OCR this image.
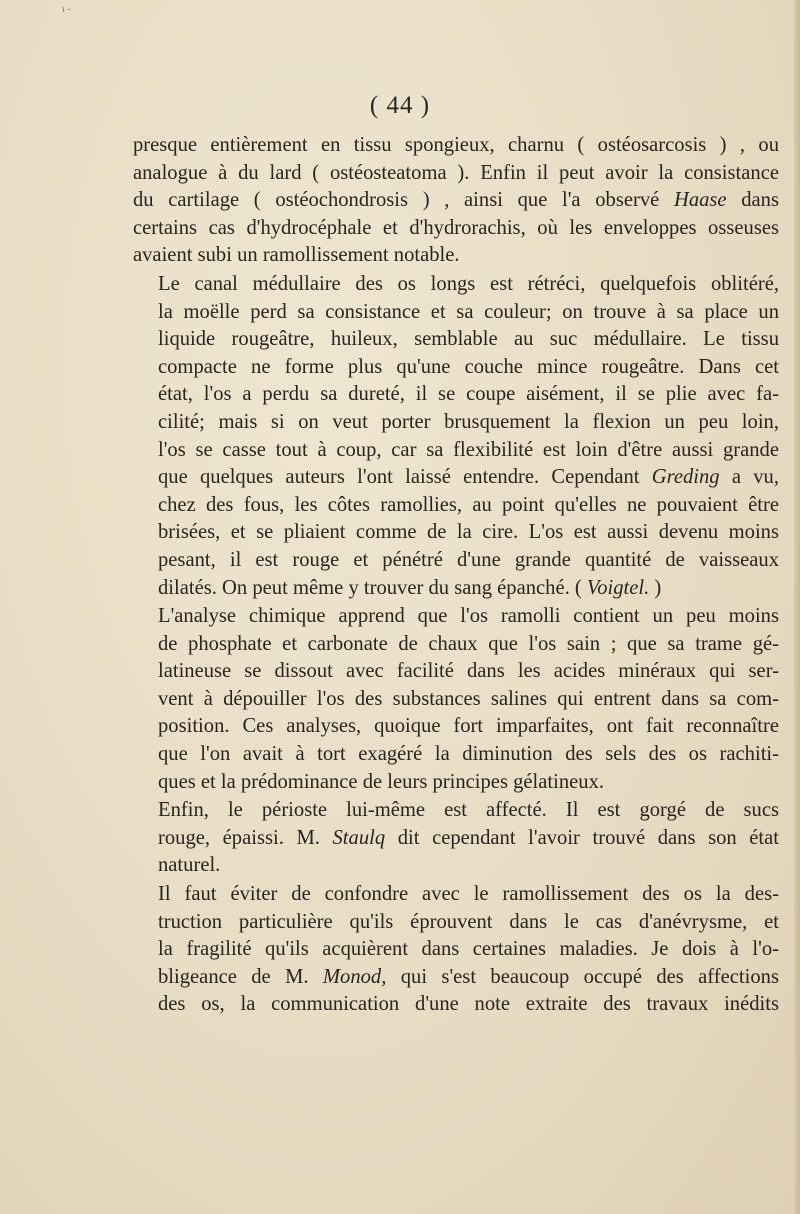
ı -
( 44 )

presque entièrement en tissu spongieux, charnu ( ostéosarcosis ) , ou
analogue à du lard ( ostéosteatoma ). Enfin il peut avoir la consistance
du cartilage ( ostéochondrosis ) , ainsi que l'a observé Haase dans
certains cas d'hydrocéphale et d'hydrorachis, où les enveloppes osseuses
avaient subi un ramollissement notable.

Le canal médullaire des os longs est rétréci, quelquefois oblitéré,
la moëlle perd sa consistance et sa couleur; on trouve à sa place un
liquide rougeâtre, huileux, semblable au suc médullaire. Le tissu
compacte ne forme plus qu'une couche mince rougeâtre. Dans cet
état, l'os a perdu sa dureté, il se coupe aisément, il se plie avec fa-
cilité; mais si on veut porter brusquement la flexion un peu loin,
l'os se casse tout à coup, car sa flexibilité est loin d'être aussi grande
que quelques auteurs l'ont laissé entendre. Cependant Greding a vu,
chez des fous, les côtes ramollies, au point qu'elles ne pouvaient être
brisées, et se pliaient comme de la cire. L'os est aussi devenu moins
pesant, il est rouge et pénétré d'une grande quantité de vaisseaux
dilatés. On peut même y trouver du sang épanché. ( Voigtel. )

L'analyse chimique apprend que l'os ramolli contient un peu moins
de phosphate et carbonate de chaux que l'os sain ; que sa trame gé-
latineuse se dissout avec facilité dans les acides minéraux qui ser-
vent à dépouiller l'os des substances salines qui entrent dans sa com-
position. Ces analyses, quoique fort imparfaites, ont fait reconnaître
que l'on avait à tort exagéré la diminution des sels des os rachiti-
ques et la prédominance de leurs principes gélatineux.

Enfin, le périoste lui-même est affecté. Il est gorgé de sucs
rouge, épaissi. M. Staulq dit cependant l'avoir trouvé dans son état
naturel.

Il faut éviter de confondre avec le ramollissement des os la des-
truction particulière qu'ils éprouvent dans le cas d'anévrysme, et
la fragilité qu'ils acquièrent dans certaines maladies. Je dois à l'o-
bligeance de M. Monod, qui s'est beaucoup occupé des affections
des os, la communication d'une note extraite des travaux inédits
